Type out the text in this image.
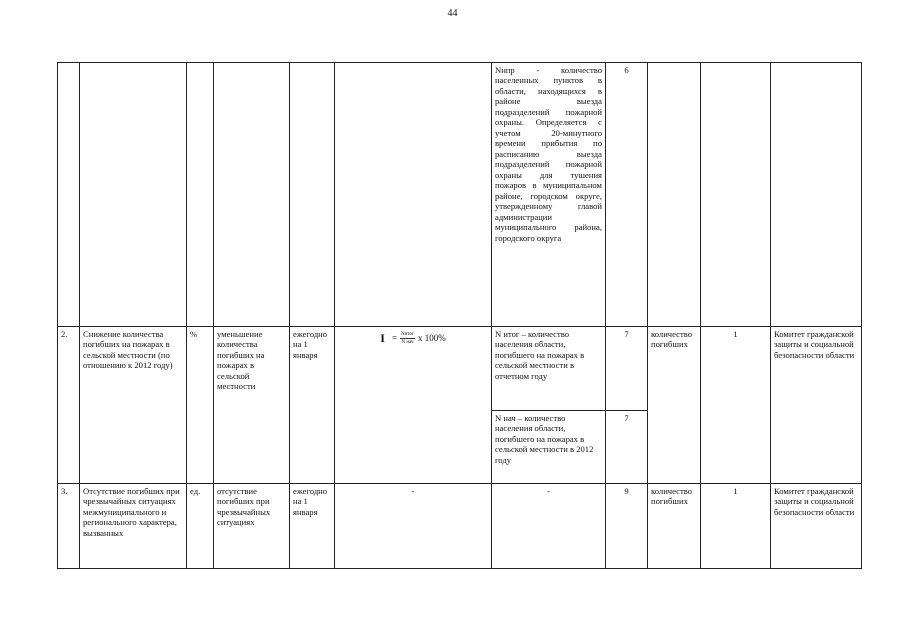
44
						Nнпр - количество населенных пунктов в области, находящихся в районе выезда подразделений пожарной охраны. Определяется с учетом 20-минутного времени прибытия по расписанию выезда подразделений пожарной охраны для тушения пожаров в муниципальном районе, городском округе, утвержденному главой администрации муниципального района, городского округа	6			
2.	Снижение количества погибших на пожарах в сельской местности (по отношению к 2012 году)	%	уменьшение количества погибших на пожарах в сельской местности	ежегодно на 1 января	$I = \frac{\text{Nитог}}{\text{N нач}}$ x 100%	N итог – количество населения области, погибшего на пожарах в сельской местности в отчетном году	7	количество погибших	1	Комитет гражданской защиты и социальной безопасности области
						N нач – количество населения области, погибшего на пожарах в сельской местности в 2012 году	7			
3.	Отсутствие погибших при чрезвычайных ситуациях межмуниципального и регионального характера, вызванных	ед.	отсутствие погибших при чрезвычайных ситуациях	ежегодно на 1 января	-	-	9	количество погибших	1	Комитет гражданской защиты и социальной безопасности области
